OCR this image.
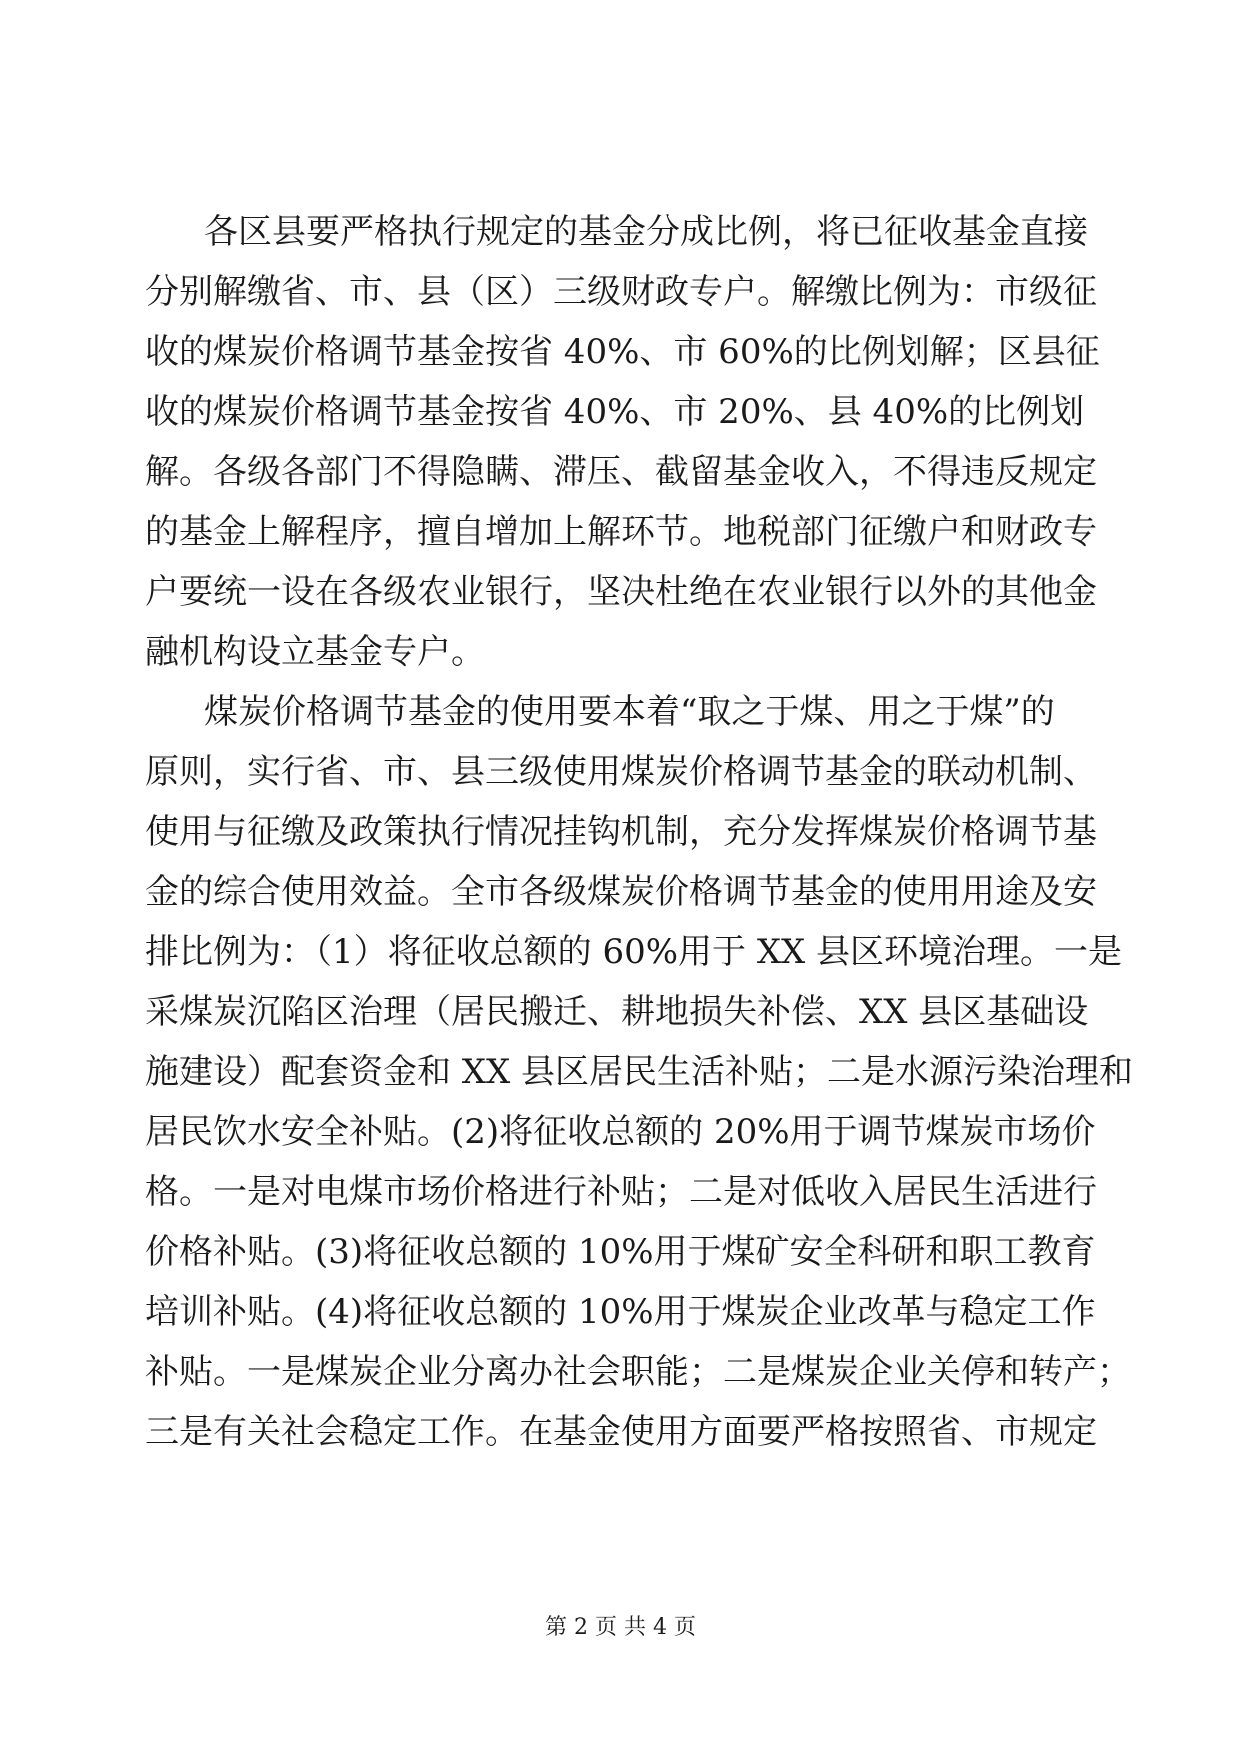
各区县要严格执行规定的基金分成比例，将已征收基金直接
分别解缴省、市、县（区）三级财政专户。解缴比例为：市级征
收的煤炭价格调节基金按省 40%、市 60%的比例划解；区县征
收的煤炭价格调节基金按省 40%、市 20%、县 40%的比例划
解。各级各部门不得隐瞒、滞压、截留基金收入，不得违反规定
的基金上解程序，擅自增加上解环节。地税部门征缴户和财政专
户要统一设在各级农业银行，坚决杜绝在农业银行以外的其他金
融机构设立基金专户。
煤炭价格调节基金的使用要本着“取之于煤、用之于煤”的
原则，实行省、市、县三级使用煤炭价格调节基金的联动机制、
使用与征缴及政策执行情况挂钩机制，充分发挥煤炭价格调节基
金的综合使用效益。全市各级煤炭价格调节基金的使用用途及安
排比例为：（1）将征收总额的 60%用于 XX 县区环境治理。一是
采煤炭沉陷区治理（居民搬迁、耕地损失补偿、XX 县区基础设
施建设）配套资金和 XX 县区居民生活补贴；二是水源污染治理和
居民饮水安全补贴。(2)将征收总额的 20%用于调节煤炭市场价
格。一是对电煤市场价格进行补贴；二是对低收入居民生活进行
价格补贴。(3)将征收总额的 10%用于煤矿安全科研和职工教育
培训补贴。(4)将征收总额的 10%用于煤炭企业改革与稳定工作
补贴。一是煤炭企业分离办社会职能；二是煤炭企业关停和转产；
三是有关社会稳定工作。在基金使用方面要严格按照省、市规定
第 2 页 共 4 页
